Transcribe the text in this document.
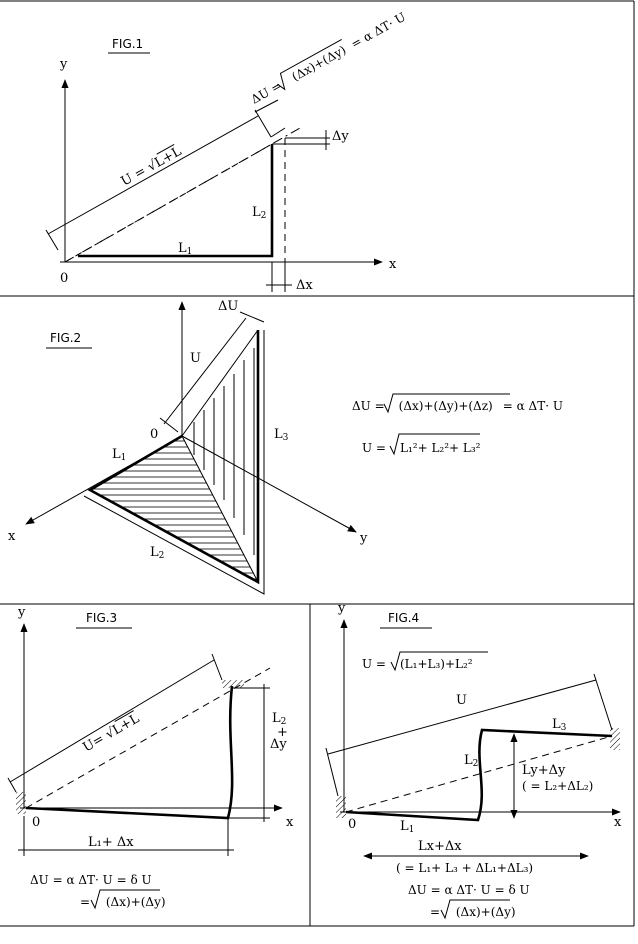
FIG.1
y
x
0	Δx
Δy
L1
L2
U = √L+L
ΔU =(Δx)+(Δy)= α ΔT· U
FIG.2
x	y
0
U
ΔU
L1
L2
L3
ΔU = (Δx)+(Δy)+(Δz) = α ΔT· U
U = L₁²+ L₂²+ L₃²
FIG.3
y
x
0
U= √L+L	L2
+
Δy
L₁+ Δx
ΔU = α ΔT· U = δ U
= (Δx)+(Δy)
FIG.4
y
x
0
U
U = (L₁+L₃)+L₂²
L3
L2
L1
Ly+Δy
( = L₂+ΔL₂)
Lx+Δx
( = L₁+ L₃ + ΔL₁+ΔL₃)
ΔU = α ΔT· U = δ U
= (Δx)+(Δy)
